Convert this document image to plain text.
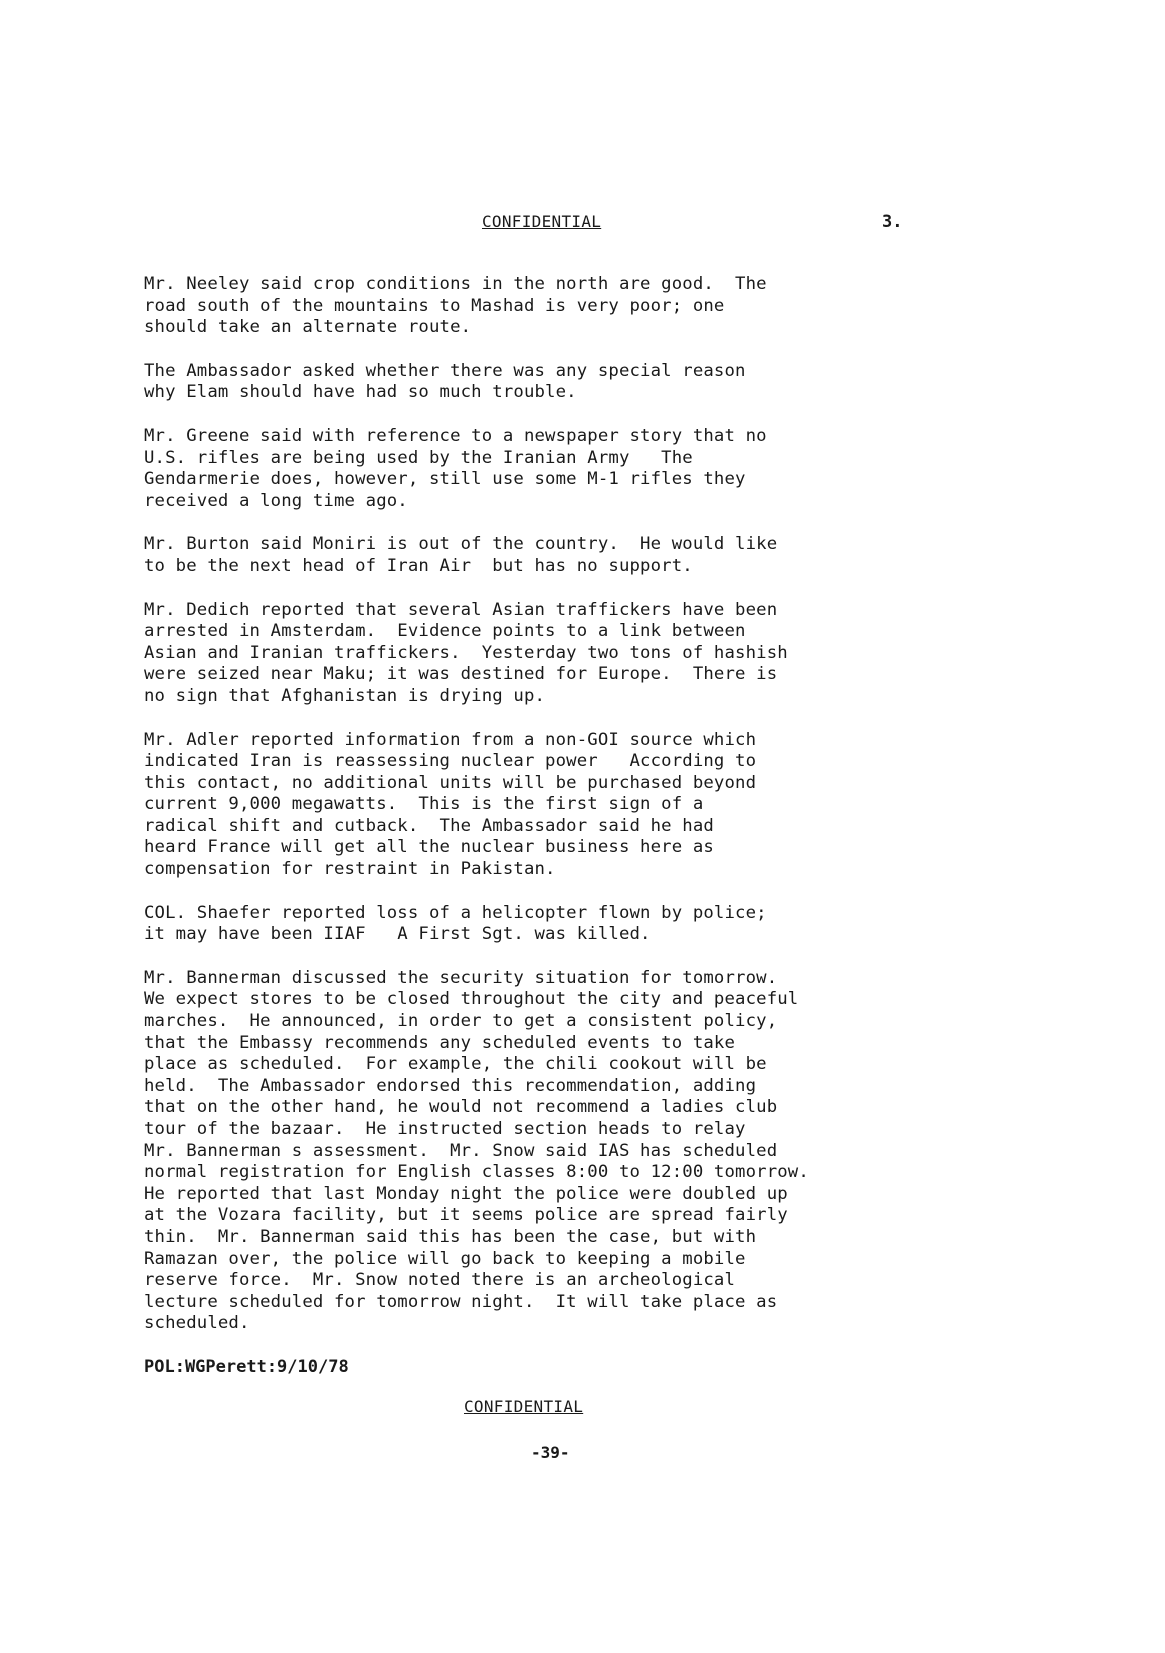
CONFIDENTIAL	3.

Mr. Neeley said crop conditions in the north are good.  The
road south of the mountains to Mashad is very poor; one
should take an alternate route.

The Ambassador asked whether there was any special reason
why Elam should have had so much trouble.

Mr. Greene said with reference to a newspaper story that no
U.S. rifles are being used by the Iranian Army   The
Gendarmerie does, however, still use some M-1 rifles they
received a long time ago.

Mr. Burton said Moniri is out of the country.  He would like
to be the next head of Iran Air  but has no support.

Mr. Dedich reported that several Asian traffickers have been
arrested in Amsterdam.  Evidence points to a link between
Asian and Iranian traffickers.  Yesterday two tons of hashish
were seized near Maku; it was destined for Europe.  There is
no sign that Afghanistan is drying up.

Mr. Adler reported information from a non-GOI source which
indicated Iran is reassessing nuclear power   According to
this contact, no additional units will be purchased beyond
current 9,000 megawatts.  This is the first sign of a
radical shift and cutback.  The Ambassador said he had
heard France will get all the nuclear business here as
compensation for restraint in Pakistan.

COL. Shaefer reported loss of a helicopter flown by police;
it may have been IIAF   A First Sgt. was killed.

Mr. Bannerman discussed the security situation for tomorrow.
We expect stores to be closed throughout the city and peaceful
marches.  He announced, in order to get a consistent policy,
that the Embassy recommends any scheduled events to take
place as scheduled.  For example, the chili cookout will be
held.  The Ambassador endorsed this recommendation, adding
that on the other hand, he would not recommend a ladies club
tour of the bazaar.  He instructed section heads to relay
Mr. Bannerman s assessment.  Mr. Snow said IAS has scheduled
normal registration for English classes 8:00 to 12:00 tomorrow.
He reported that last Monday night the police were doubled up
at the Vozara facility, but it seems police are spread fairly
thin.  Mr. Bannerman said this has been the case, but with
Ramazan over, the police will go back to keeping a mobile
reserve force.  Mr. Snow noted there is an archeological
lecture scheduled for tomorrow night.  It will take place as
scheduled.

POL:WGPerett:9/10/78
CONFIDENTIAL
-39-
